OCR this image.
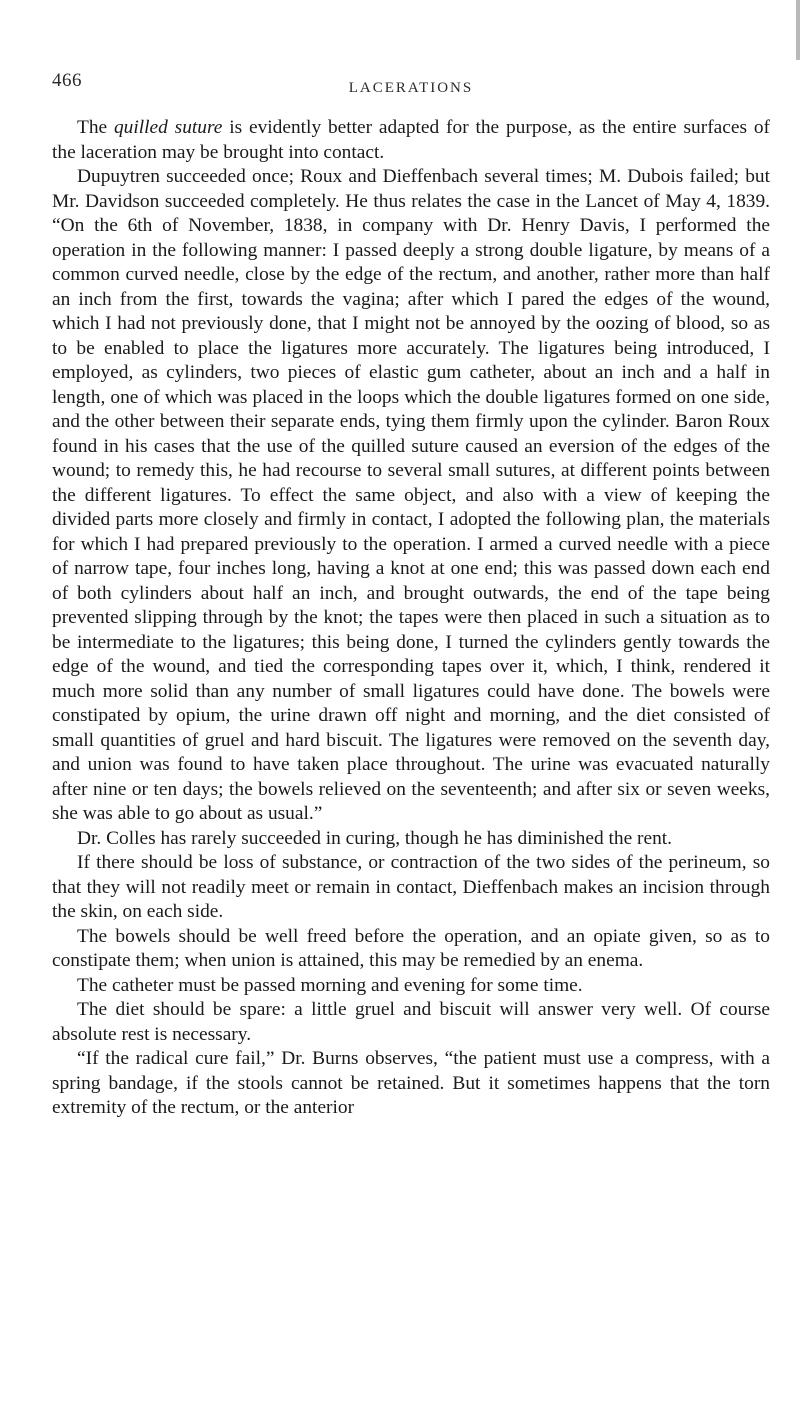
466	LACERATIONS

The quilled suture is evidently better adapted for the purpose, as the entire surfaces of the laceration may be brought into contact.

Dupuytren succeeded once; Roux and Dieffenbach several times; M. Dubois failed; but Mr. Davidson succeeded completely. He thus relates the case in the Lancet of May 4, 1839. “On the 6th of November, 1838, in company with Dr. Henry Davis, I performed the operation in the following manner: I passed deeply a strong double ligature, by means of a common curved needle, close by the edge of the rectum, and another, rather more than half an inch from the first, towards the vagina; after which I pared the edges of the wound, which I had not previously done, that I might not be annoyed by the oozing of blood, so as to be enabled to place the ligatures more accurately. The ligatures being introduced, I employed, as cylinders, two pieces of elastic gum catheter, about an inch and a half in length, one of which was placed in the loops which the double ligatures formed on one side, and the other between their separate ends, tying them firmly upon the cylinder. Baron Roux found in his cases that the use of the quilled suture caused an eversion of the edges of the wound; to remedy this, he had recourse to several small sutures, at different points between the different ligatures. To effect the same object, and also with a view of keeping the divided parts more closely and firmly in contact, I adopted the following plan, the materials for which I had prepared previously to the operation. I armed a curved needle with a piece of narrow tape, four inches long, having a knot at one end; this was passed down each end of both cylinders about half an inch, and brought outwards, the end of the tape being prevented slipping through by the knot; the tapes were then placed in such a situation as to be intermediate to the ligatures; this being done, I turned the cylinders gently towards the edge of the wound, and tied the corresponding tapes over it, which, I think, rendered it much more solid than any number of small ligatures could have done. The bowels were constipated by opium, the urine drawn off night and morning, and the diet consisted of small quantities of gruel and hard biscuit. The ligatures were removed on the seventh day, and union was found to have taken place throughout. The urine was evacuated naturally after nine or ten days; the bowels relieved on the seventeenth; and after six or seven weeks, she was able to go about as usual.”

Dr. Colles has rarely succeeded in curing, though he has diminished the rent.

If there should be loss of substance, or contraction of the two sides of the perineum, so that they will not readily meet or remain in contact, Dieffenbach makes an incision through the skin, on each side.

The bowels should be well freed before the operation, and an opiate given, so as to constipate them; when union is attained, this may be remedied by an enema.

The catheter must be passed morning and evening for some time.

The diet should be spare: a little gruel and biscuit will answer very well. Of course absolute rest is necessary.

“If the radical cure fail,” Dr. Burns observes, “the patient must use a compress, with a spring bandage, if the stools cannot be retained. But it sometimes happens that the torn extremity of the rectum, or the anterior
